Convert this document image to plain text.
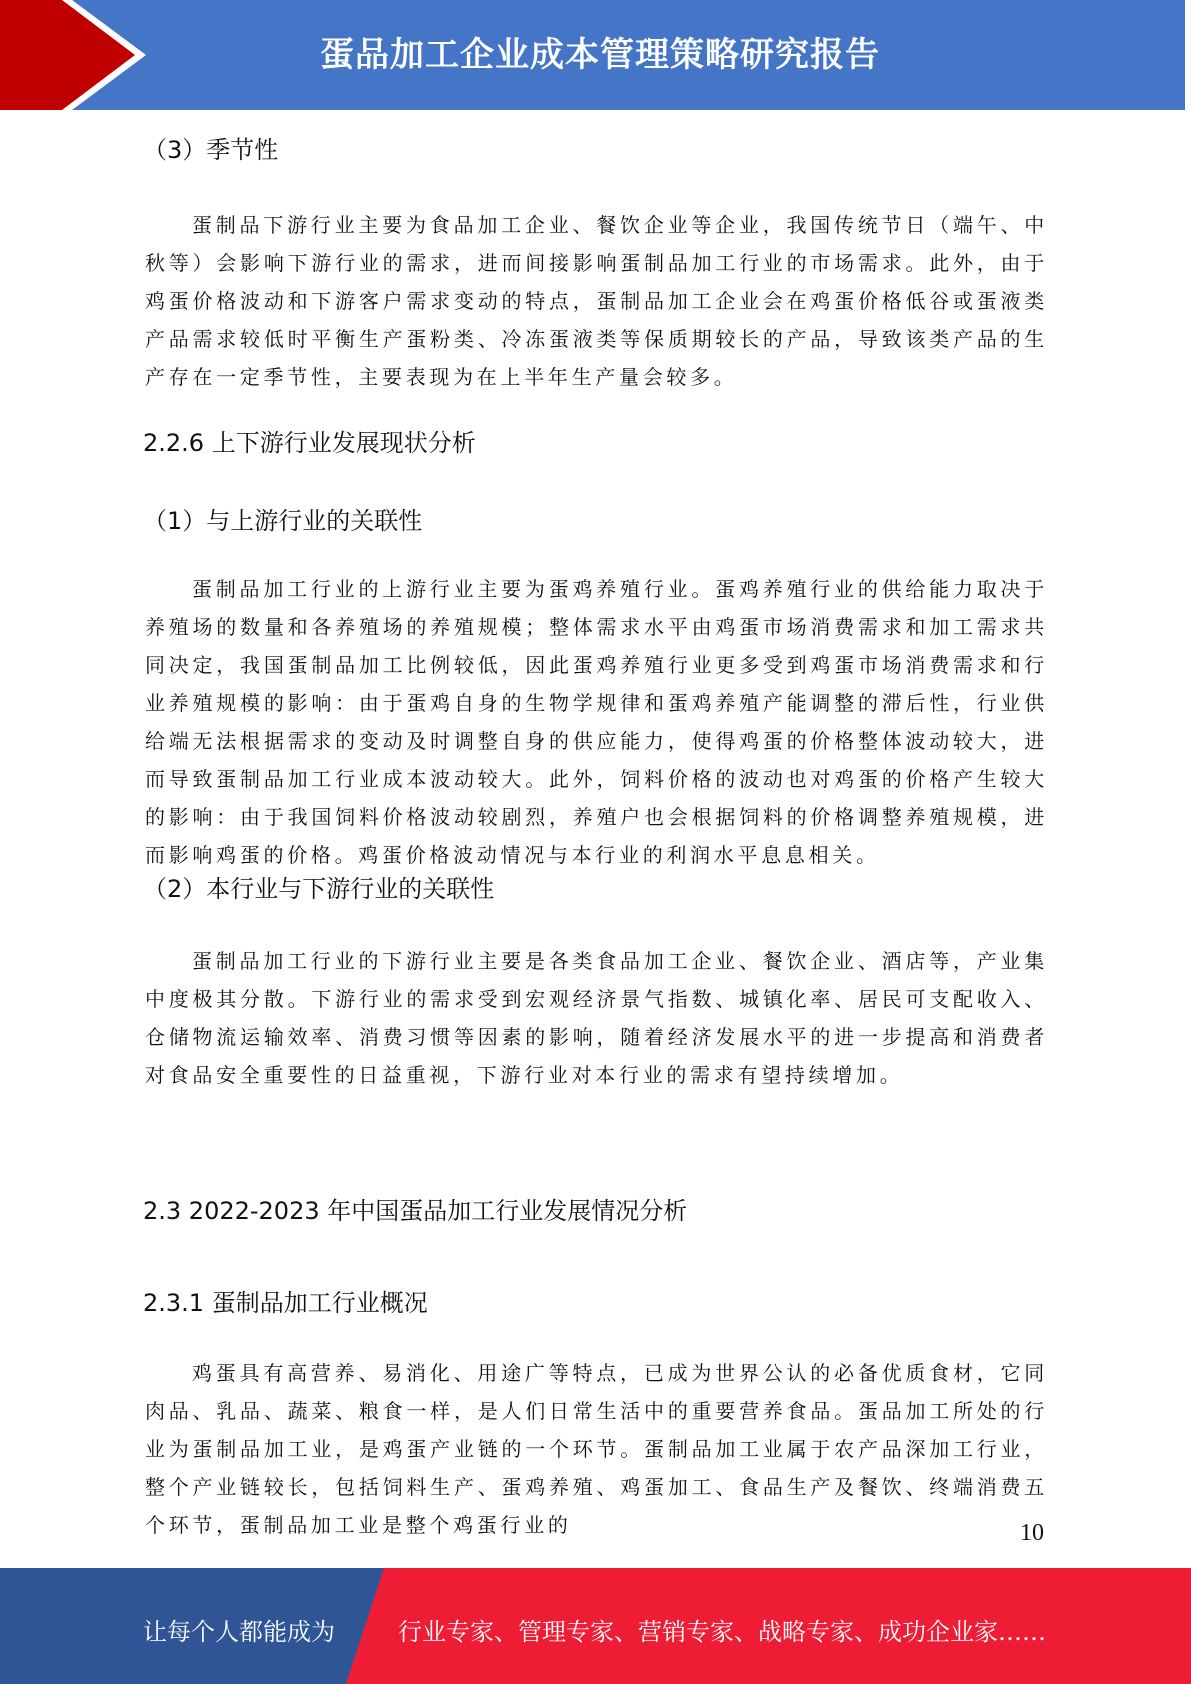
蛋品加工企业成本管理策略研究报告
（3）季节性
蛋制品下游行业主要为食品加工企业、餐饮企业等企业，我国传统节日（端午、中秋等）会影响下游行业的需求，进而间接影响蛋制品加工行业的市场需求。此外，由于鸡蛋价格波动和下游客户需求变动的特点，蛋制品加工企业会在鸡蛋价格低谷或蛋液类产品需求较低时平衡生产蛋粉类、冷冻蛋液类等保质期较长的产品，导致该类产品的生产存在一定季节性，主要表现为在上半年生产量会较多。
2.2.6 上下游行业发展现状分析
（1）与上游行业的关联性
蛋制品加工行业的上游行业主要为蛋鸡养殖行业。蛋鸡养殖行业的供给能力取决于养殖场的数量和各养殖场的养殖规模；整体需求水平由鸡蛋市场消费需求和加工需求共同决定，我国蛋制品加工比例较低，因此蛋鸡养殖行业更多受到鸡蛋市场消费需求和行业养殖规模的影响：由于蛋鸡自身的生物学规律和蛋鸡养殖产能调整的滞后性，行业供给端无法根据需求的变动及时调整自身的供应能力，使得鸡蛋的价格整体波动较大，进而导致蛋制品加工行业成本波动较大。此外，饲料价格的波动也对鸡蛋的价格产生较大的影响：由于我国饲料价格波动较剧烈，养殖户也会根据饲料的价格调整养殖规模，进而影响鸡蛋的价格。鸡蛋价格波动情况与本行业的利润水平息息相关。
（2）本行业与下游行业的关联性
蛋制品加工行业的下游行业主要是各类食品加工企业、餐饮企业、酒店等，产业集中度极其分散。下游行业的需求受到宏观经济景气指数、城镇化率、居民可支配收入、仓储物流运输效率、消费习惯等因素的影响，随着经济发展水平的进一步提高和消费者对食品安全重要性的日益重视，下游行业对本行业的需求有望持续增加。
2.3 2022-2023 年中国蛋品加工行业发展情况分析
2.3.1 蛋制品加工行业概况
鸡蛋具有高营养、易消化、用途广等特点，已成为世界公认的必备优质食材，它同肉品、乳品、蔬菜、粮食一样，是人们日常生活中的重要营养食品。蛋品加工所处的行业为蛋制品加工业，是鸡蛋产业链的一个环节。蛋制品加工业属于农产品深加工行业，整个产业链较长，包括饲料生产、蛋鸡养殖、鸡蛋加工、食品生产及餐饮、终端消费五个环节，蛋制品加工业是整个鸡蛋行业的	10
让每个人都能成为	行业专家、管理专家、营销专家、战略专家、成功企业家……
